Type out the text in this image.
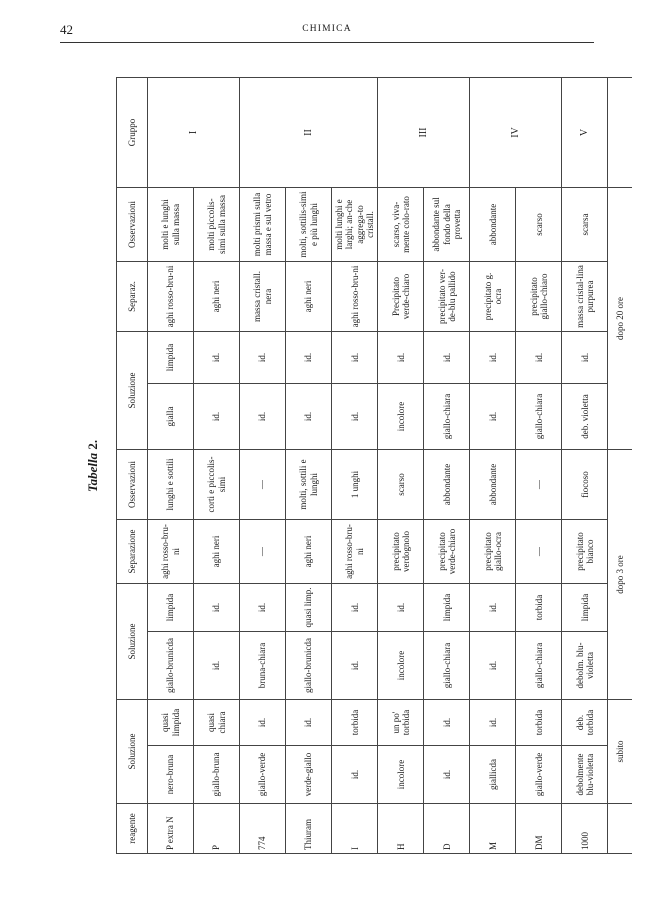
42	CHIMICA
Tabella 2.
reagente	Soluzione		Soluzione		Separazione	Osservazioni	Soluzione		Separaz.	Osservazioni	Gruppo
P extra N	nero-bruna	quasi limpida	giallo-brunicda	limpida	aghi rosso-bru-ni	lunghi e sottili	gialla	limpida	aghi rosso-bru-ni	molti e lunghi sulla massa	I
P	giallo-bruna	quasi chiara	id.	id.	aghi neri	corti e piccolis-simi	id.	id.	aghi neri	molti piccolis-simi sulla massa	
774	giallo-verde	id.	bruna-chiara	id.	—	—	id.	id.	massa cristall. nera	molti prismi sulla massa e sul vetro	II
Thiuram	verde-giallo	id.	giallo-brunicda	quasi limp.	aghi neri	molti, sottili e lunghi	id.	id.	aghi neri	molti, sottilis-simi e più lunghi	
I	id.	torbida	id.	id.	aghi rosso-bru-ni	1 unghi	id.	id.	aghi rosso-bru-ni	molti lunghi e larghi; an-che aggrega-to cristall.	
H	incolore	un po' torbida	incolore	id.	precipitato verdognolo	scarso	incolore	id.	Precipitato verde-chiaro	scarso, viva-mente colo-rato	III
D	id.	id.	giallo-chiara	limpida	precipitato verde-chiaro	abbondante	giallo-chiara	id.	precipitato ver-de-blu pallido	abbondante sul fondo della provetta	
M	giallicda	id.	id.	id.	precipitato giallo-ocra	abbondante	id.	id.	precipitato g. ocra	abbondante	IV
DM	giallo-verde	torbida	giallo-chiara	torbida	—	—	giallo-chiara	id.	precipitato giallo-chiaro	scarso	
1000	debolmente blu-violetta	deb. torbida	debolm. blu-violetta	limpida	precipitato bianco	fiocoso	deb. violetta	id.	massa cristal-lina purpurea	scarsa	V
	subito		dopo 3 ore				dopo 20 ore				
